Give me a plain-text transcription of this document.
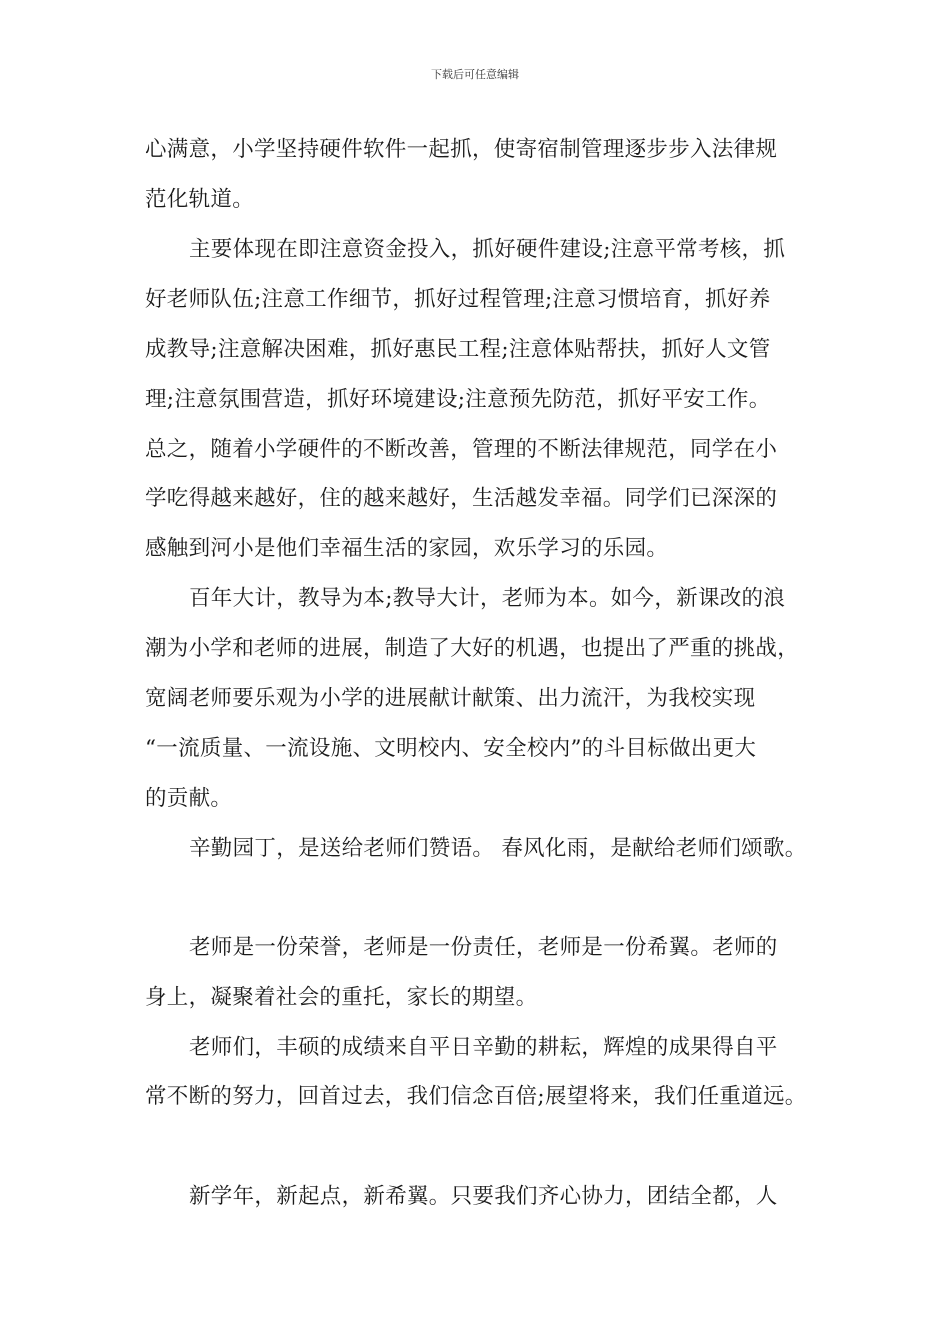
下载后可任意编辑
心满意，小学坚持硬件软件一起抓，使寄宿制管理逐步步入法律规
范化轨道。
主要体现在即注意资金投入，抓好硬件建设;注意平常考核，抓
好老师队伍;注意工作细节，抓好过程管理;注意习惯培育，抓好养
成教导;注意解决困难，抓好惠民工程;注意体贴帮扶，抓好人文管
理;注意氛围营造，抓好环境建设;注意预先防范，抓好平安工作。
总之，随着小学硬件的不断改善，管理的不断法律规范，同学在小
学吃得越来越好，住的越来越好，生活越发幸福。同学们已深深的
感触到河小是他们幸福生活的家园，欢乐学习的乐园。
百年大计，教导为本;教导大计，老师为本。如今，新课改的浪
潮为小学和老师的进展，制造了大好的机遇，也提出了严重的挑战，
宽阔老师要乐观为小学的进展献计献策、出力流汗，为我校实现
“一流质量、一流设施、文明校内、安全校内”的斗目标做出更大
的贡献。
辛勤园丁，是送给老师们赞语。 春风化雨，是献给老师们颂歌。
老师是一份荣誉，老师是一份责任，老师是一份希翼。老师的
身上，凝聚着社会的重托，家长的期望。
老师们，丰硕的成绩来自平日辛勤的耕耘，辉煌的成果得自平
常不断的努力，回首过去，我们信念百倍;展望将来，我们任重道远。
新学年，新起点，新希翼。只要我们齐心协力，团结全都，人
